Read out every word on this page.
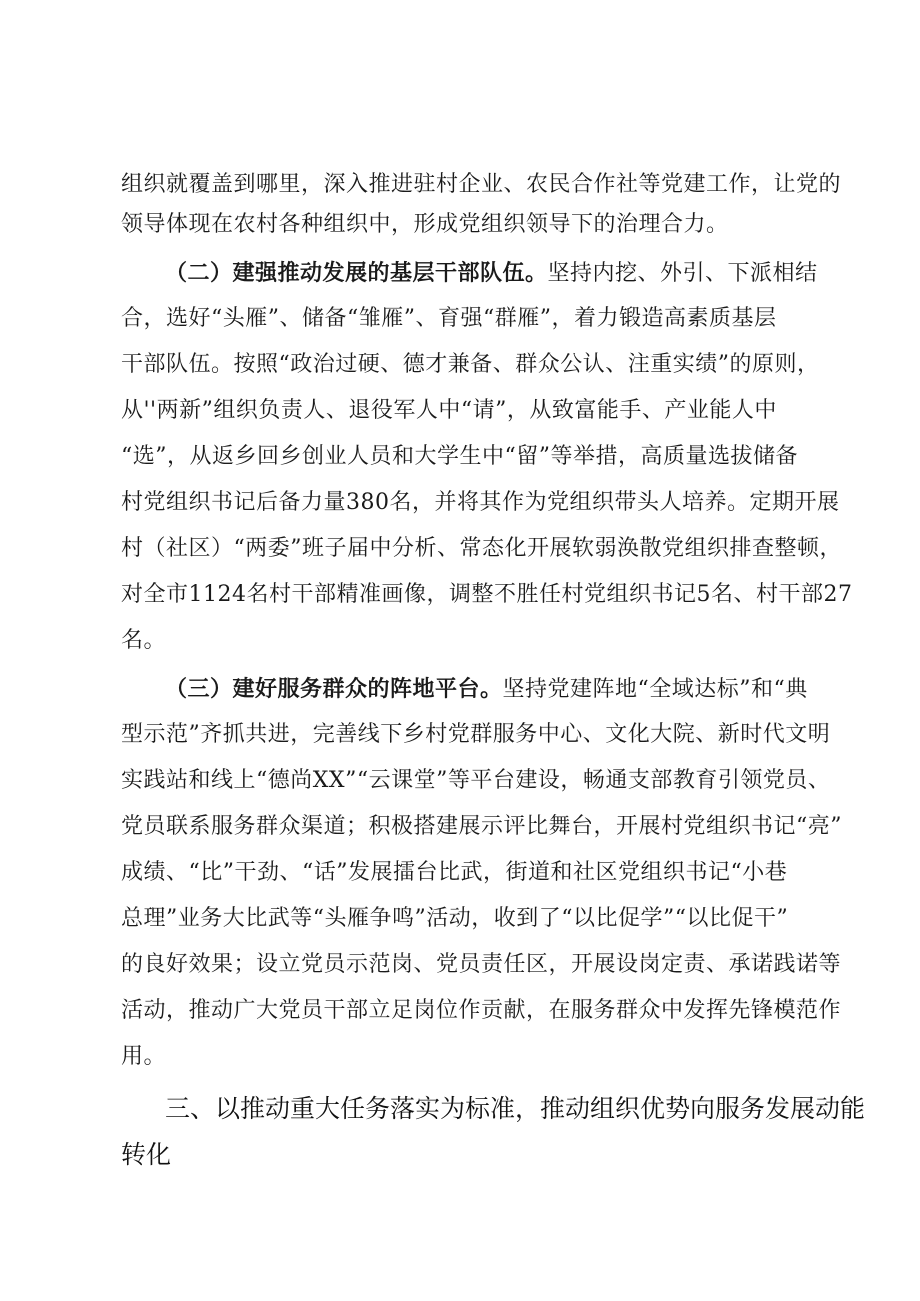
组织就覆盖到哪里，深入推进驻村企业、农民合作社等党建工作，让党的
领导体现在农村各种组织中，形成党组织领导下的治理合力。
（二）建强推动发展的基层干部队伍。坚持内挖、外引、下派相结
合，选好“头雁”、储备“雏雁”、育强“群雁”，着力锻造高素质基层
干部队伍。按照“政治过硬、德才兼备、群众公认、注重实绩”的原则，
从''两新”组织负责人、退役军人中“请”，从致富能手、产业能人中
“选”，从返乡回乡创业人员和大学生中“留”等举措，高质量选拔储备
村党组织书记后备力量380名，并将其作为党组织带头人培养。定期开展
村（社区）“两委”班子届中分析、常态化开展软弱涣散党组织排查整顿，
对全市1124名村干部精准画像，调整不胜任村党组织书记5名、村干部27
名。
（三）建好服务群众的阵地平台。坚持党建阵地“全域达标”和“典
型示范”齐抓共进，完善线下乡村党群服务中心、文化大院、新时代文明
实践站和线上“德尚XX”“云课堂”等平台建设，畅通支部教育引领党员、
党员联系服务群众渠道；积极搭建展示评比舞台，开展村党组织书记“亮”
成绩、“比”干劲、“话”发展擂台比武，街道和社区党组织书记“小巷
总理”业务大比武等“头雁争鸣”活动，收到了“以比促学”“以比促干”
的良好效果；设立党员示范岗、党员责任区，开展设岗定责、承诺践诺等
活动，推动广大党员干部立足岗位作贡献，在服务群众中发挥先锋模范作
用。
三、以推动重大任务落实为标准，推动组织优势向服务发展动能
转化
